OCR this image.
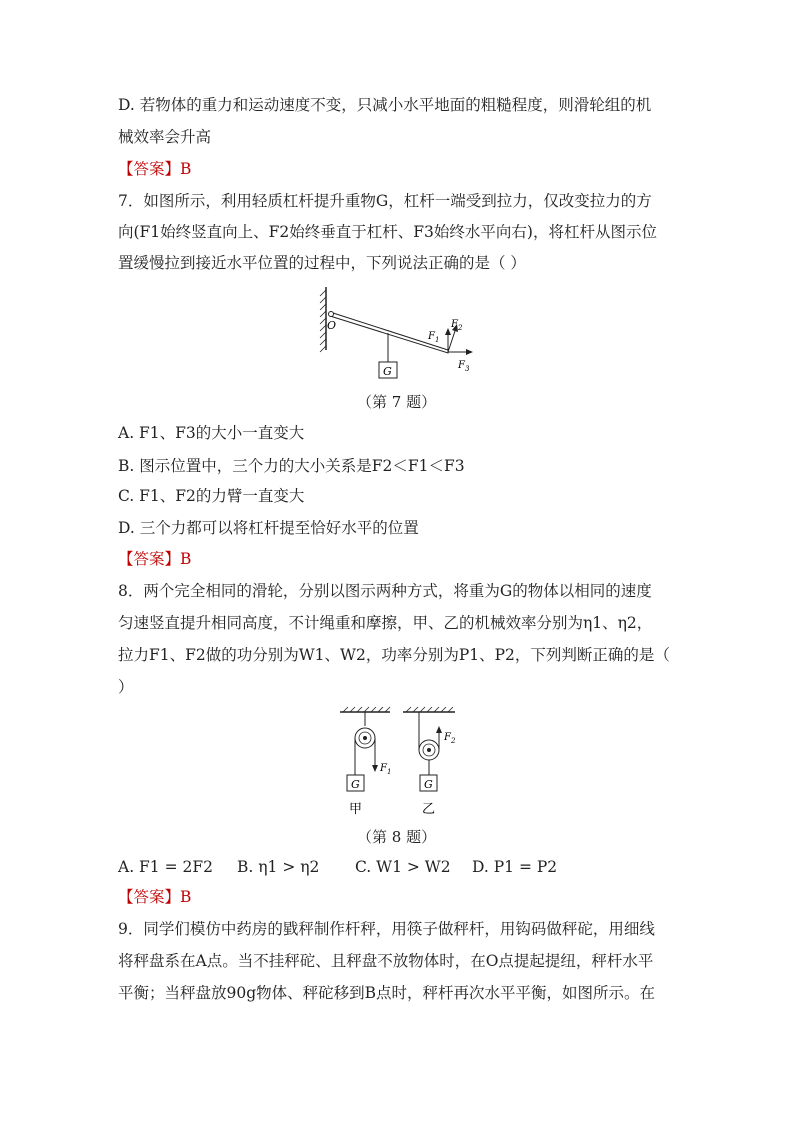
D. 若物体的重力和运动速度不变，只减小水平地面的粗糙程度，则滑轮组的机
械效率会升高
【答案】B
7．如图所示，利用轻质杠杆提升重物G，杠杆一端受到拉力，仅改变拉力的方
向(F1始终竖直向上、F2始终垂直于杠杆、F3始终水平向右)，将杠杆从图示位
置缓慢拉到接近水平位置的过程中，下列说法正确的是（ ）
O
G
$F_1$
$F_2$
$F_3$
（第 7 题）
A. F1、F3的大小一直变大
B. 图示位置中，三个力的大小关系是F2＜F1＜F3
C. F1、F2的力臂一直变大
D. 三个力都可以将杠杆提至恰好水平的位置
【答案】B
8．两个完全相同的滑轮，分别以图示两种方式，将重为G的物体以相同的速度
匀速竖直提升相同高度，不计绳重和摩擦，甲、乙的机械效率分别为η1、η2，
拉力F1、F2做的功分别为W1、W2，功率分别为P1、P2，下列判断正确的是（
）
$F_1$
G
甲
$F_2$
G
乙
（第 8 题）
A. F1 = 2F2 B. η1 > η2 C. W1 > W2 D. P1 = P2
【答案】B
9．同学们模仿中药房的戥秤制作杆秤，用筷子做秤杆，用钩码做秤砣，用细线
将秤盘系在A点。当不挂秤砣、且秤盘不放物体时，在O点提起提纽，秤杆水平
平衡；当秤盘放90g物体、秤砣移到B点时，秤杆再次水平平衡，如图所示。在
